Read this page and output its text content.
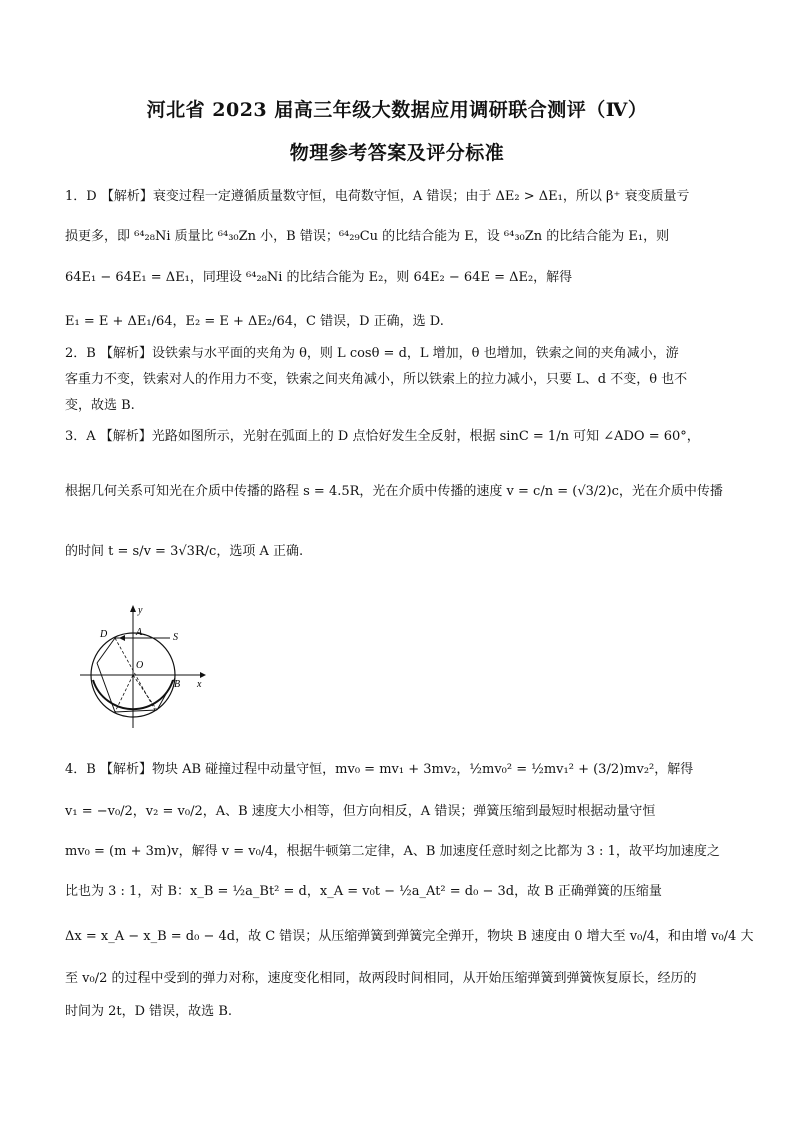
河北省 2023 届高三年级大数据应用调研联合测评（Ⅳ）
物理参考答案及评分标准
1．D 【解析】衰变过程一定遵循质量数守恒，电荷数守恒，A 错误；由于 ΔE₂ > ΔE₁，所以 β⁺ 衰变质量亏
损更多，即 ⁶⁴₂₈Ni 质量比 ⁶⁴₃₀Zn 小，B 错误；⁶⁴₂₉Cu 的比结合能为 E，设 ⁶⁴₃₀Zn 的比结合能为 E₁，则
64E₁ − 64E₁ = ΔE₁，同理设 ⁶⁴₂₈Ni 的比结合能为 E₂，则 64E₂ − 64E = ΔE₂，解得
E₁ = E + ΔE₁/64，E₂ = E + ΔE₂/64，C 错误，D 正确，选 D.
2．B 【解析】设铁索与水平面的夹角为 θ，则 L cosθ = d，L 增加，θ 也增加，铁索之间的夹角减小，游
客重力不变，铁索对人的作用力不变，铁索之间夹角减小，所以铁索上的拉力减小，只要 L、d 不变，θ 也不
变，故选 B.
3．A 【解析】光路如图所示，光射在弧面上的 D 点恰好发生全反射，根据 sinC = 1/n 可知 ∠ADO = 60°，
根据几何关系可知光在介质中传播的路程 s = 4.5R，光在介质中传播的速度 v = c/n = (√3/2)c，光在介质中传播
的时间 t = s/v = 3√3R/c，选项 A 正确.
y
D	A	S
O
B x
4．B 【解析】物块 AB 碰撞过程中动量守恒，mv₀ = mv₁ + 3mv₂，½mv₀² = ½mv₁² + (3/2)mv₂²，解得
v₁ = −v₀/2，v₂ = v₀/2，A、B 速度大小相等，但方向相反，A 错误；弹簧压缩到最短时根据动量守恒
mv₀ = (m + 3m)v，解得 v = v₀/4，根据牛顿第二定律，A、B 加速度任意时刻之比都为 3 : 1，故平均加速度之
比也为 3 : 1，对 B：x_B = ½a_Bt² = d，x_A = v₀t − ½a_At² = d₀ − 3d，故 B 正确弹簧的压缩量
Δx = x_A − x_B = d₀ − 4d，故 C 错误；从压缩弹簧到弹簧完全弹开，物块 B 速度由 0 增大至 v₀/4，和由增 v₀/4 大
至 v₀/2 的过程中受到的弹力对称，速度变化相同，故两段时间相同，从开始压缩弹簧到弹簧恢复原长，经历的
时间为 2t，D 错误，故选 B.
